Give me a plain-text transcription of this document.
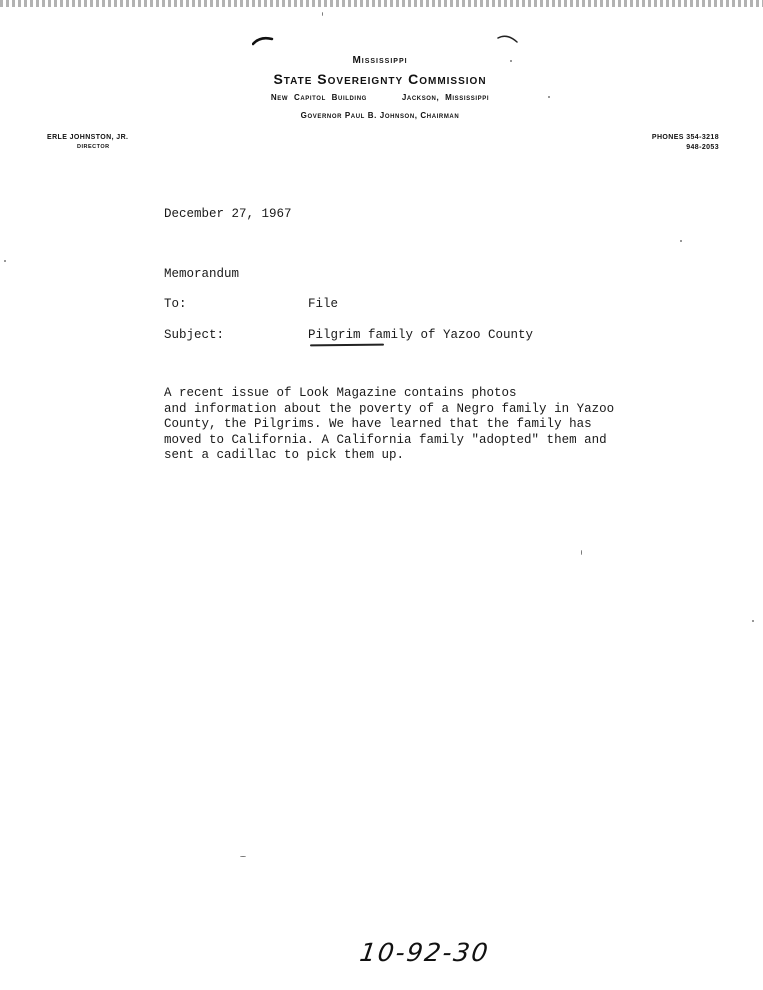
Mississippi
State Sovereignty Commission
New Capitol Building	Jackson, Mississippi
Governor Paul B. Johnson, Chairman
ERLE JOHNSTON, JR.
DIRECTOR
PHONES 354-3218
948-2053
December 27, 1967
Memorandum
To:	File
Subject:	Pilgrim family of Yazoo County
A recent issue of Look Magazine contains photos
and information about the poverty of a Negro family in Yazoo
County, the Pilgrims. We have learned that the family has
moved to California. A California family "adopted" them and
sent a cadillac to pick them up.
10-92-30
